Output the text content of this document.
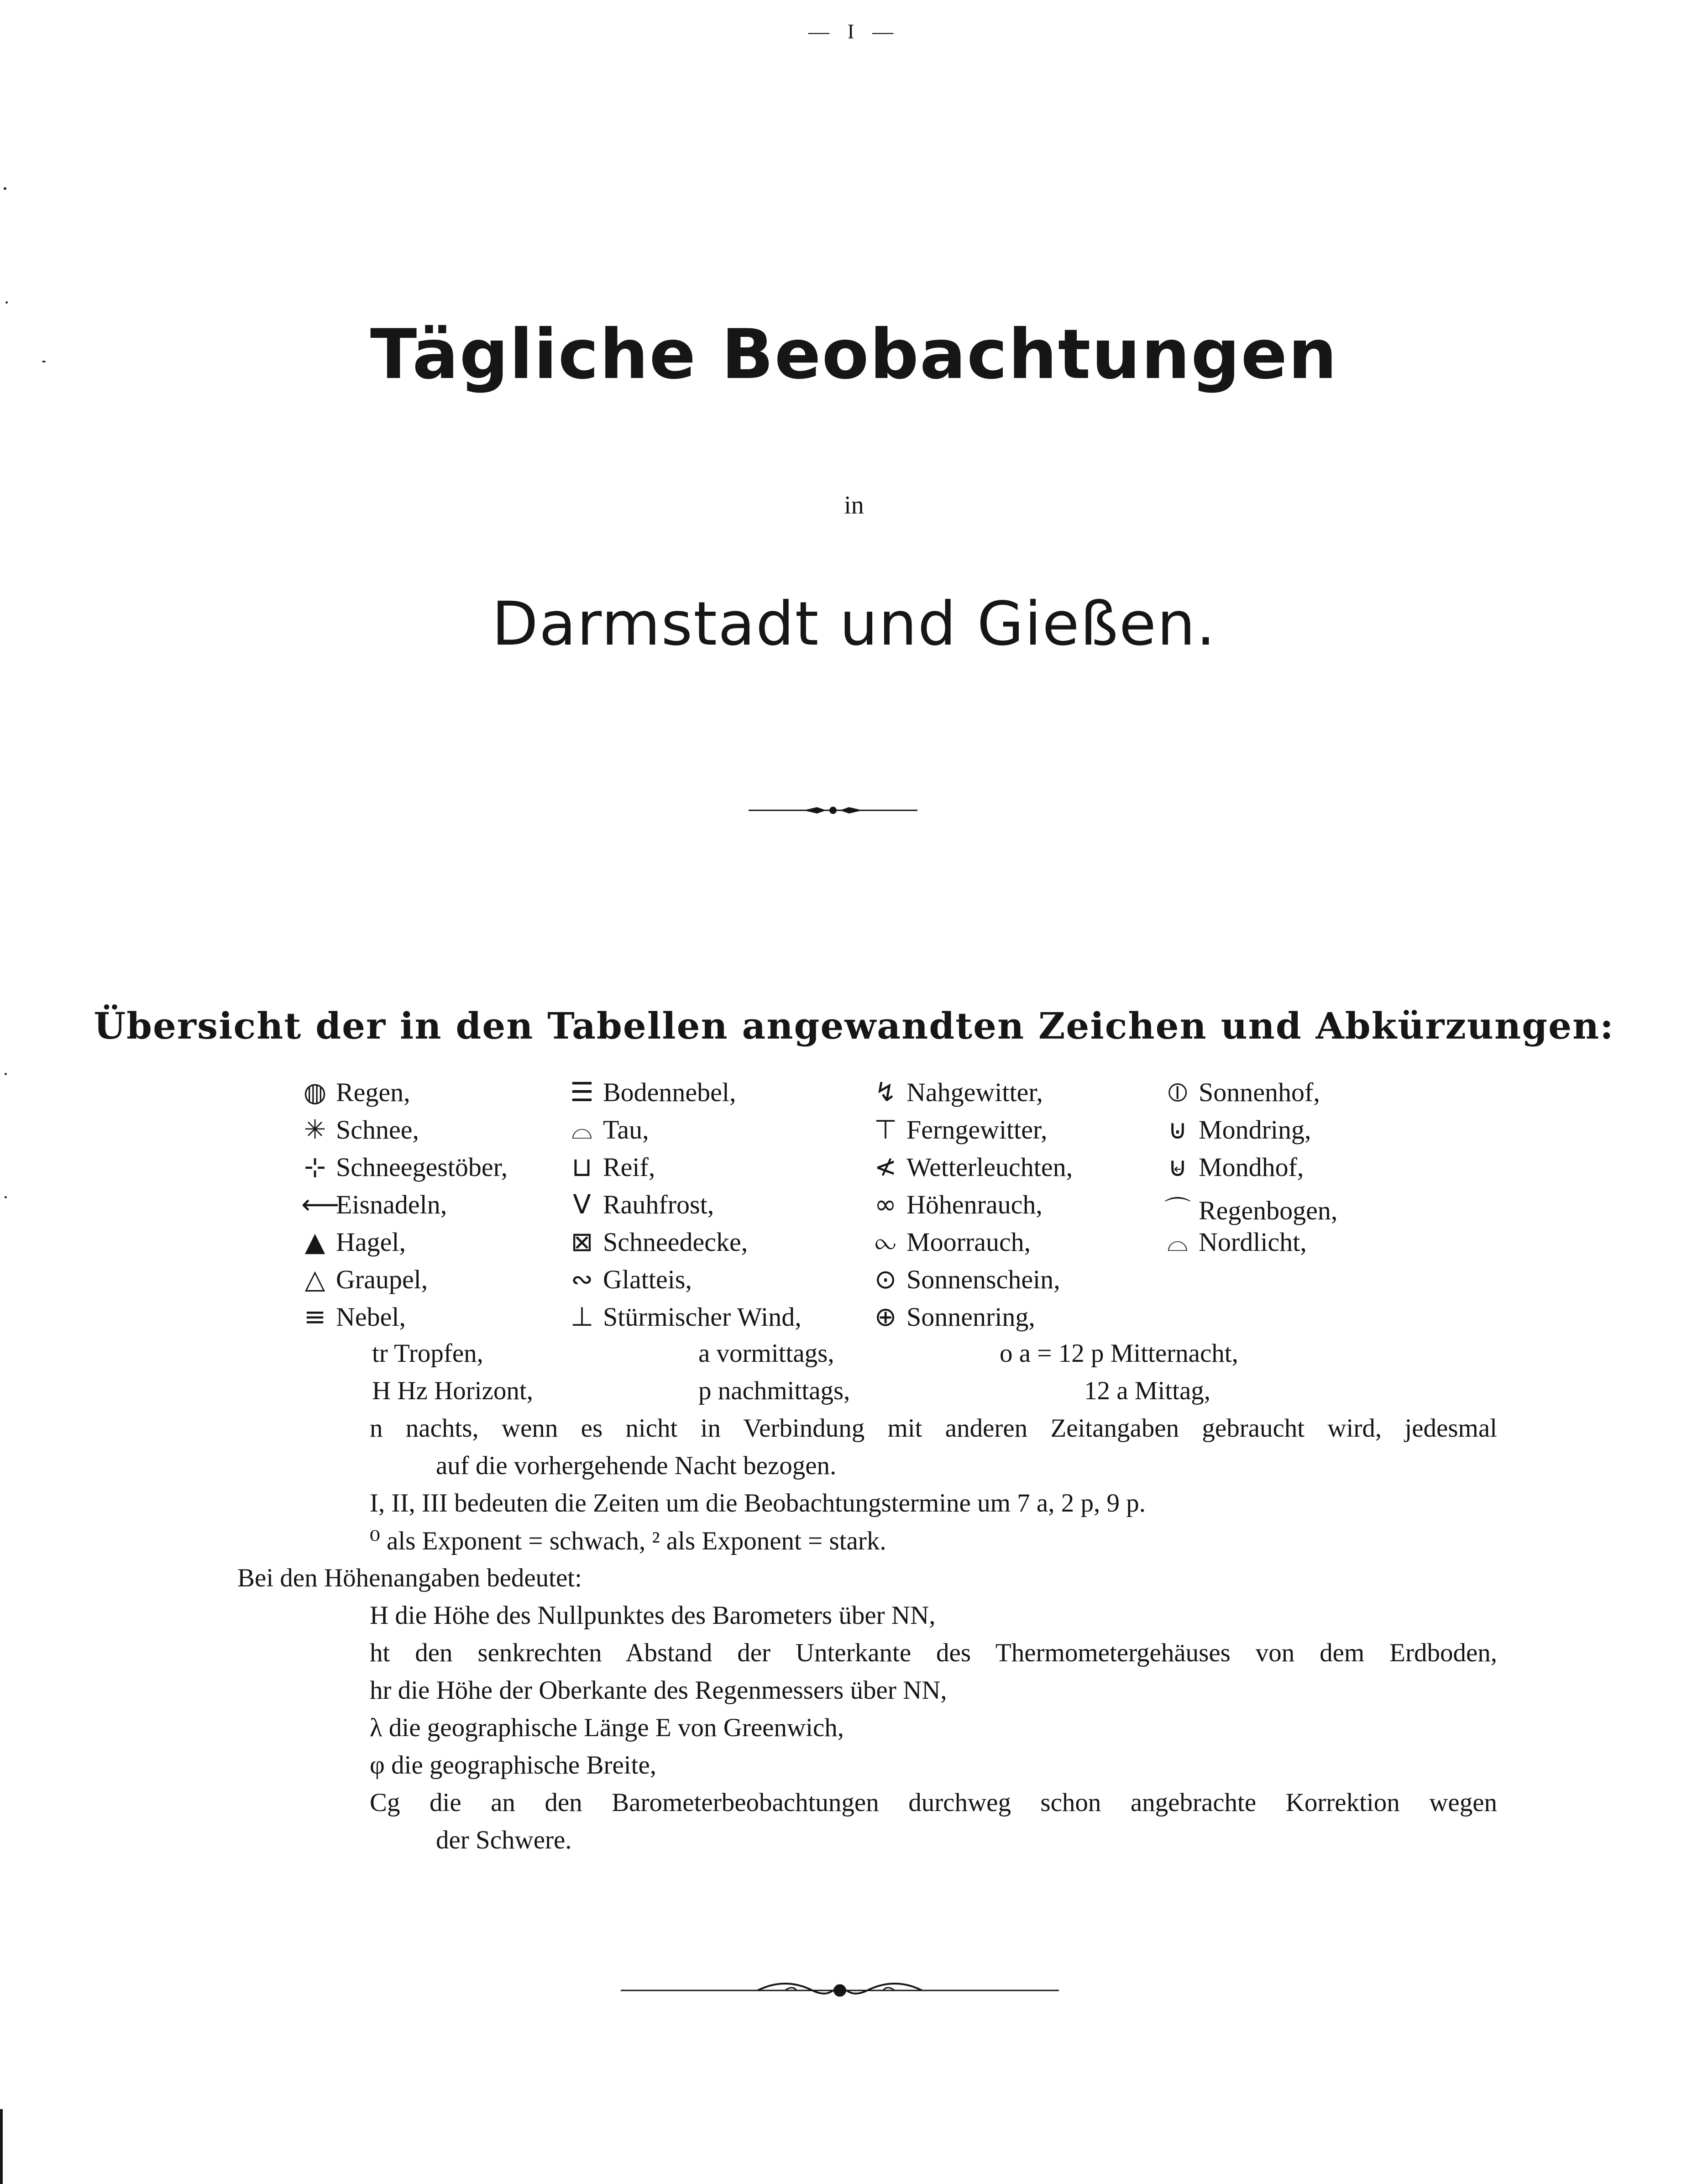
— I —
Tägliche Beobachtungen
in
Darmstadt und Gießen.
Übersicht der in den Tabellen angewandten Zeichen und Abkürzungen:
◍ Regen,
✳ Schnee,
⊹ Schneegestöber,
⟵Eisnadeln,
▲ Hagel,
△ Graupel,
≡ Nebel,
☰ Bodennebel,
⌓ Tau,
⊔ Reif,
V Rauhfrost,
⊠ Schneedecke,
∾ Glatteis,
⊥ Stürmischer Wind,
↯ Nahgewitter,
⊤ Ferngewitter,
≮ Wetterleuchten,
∞ Höhenrauch,
⧜ Moorrauch,
⊙ Sonnenschein,
⊕ Sonnenring,
⦶ Sonnenhof,
⊍ Mondring,
⊌ Mondhof,
⌒ Regenbogen,
⌓ Nordlicht,
tr Tropfen,
H Hz Horizont,
a vormittags,
p nachmittags,
o a = 12 p Mitternacht,
12 a Mittag,
n nachts, wenn es nicht in Verbindung mit anderen Zeitangaben gebraucht wird, jedesmal
auf die vorhergehende Nacht bezogen.
I, II, III bedeuten die Zeiten um die Beobachtungstermine um 7 a, 2 p, 9 p.
⁰ als Exponent = schwach, ² als Exponent = stark.
Bei den Höhenangaben bedeutet:
H die Höhe des Nullpunktes des Barometers über NN,
ht den senkrechten Abstand der Unterkante des Thermometergehäuses von dem Erdboden,
hr die Höhe der Oberkante des Regenmessers über NN,
λ die geographische Länge E von Greenwich,
φ die geographische Breite,
Cg die an den Barometerbeobachtungen durchweg schon angebrachte Korrektion wegen
der Schwere.
